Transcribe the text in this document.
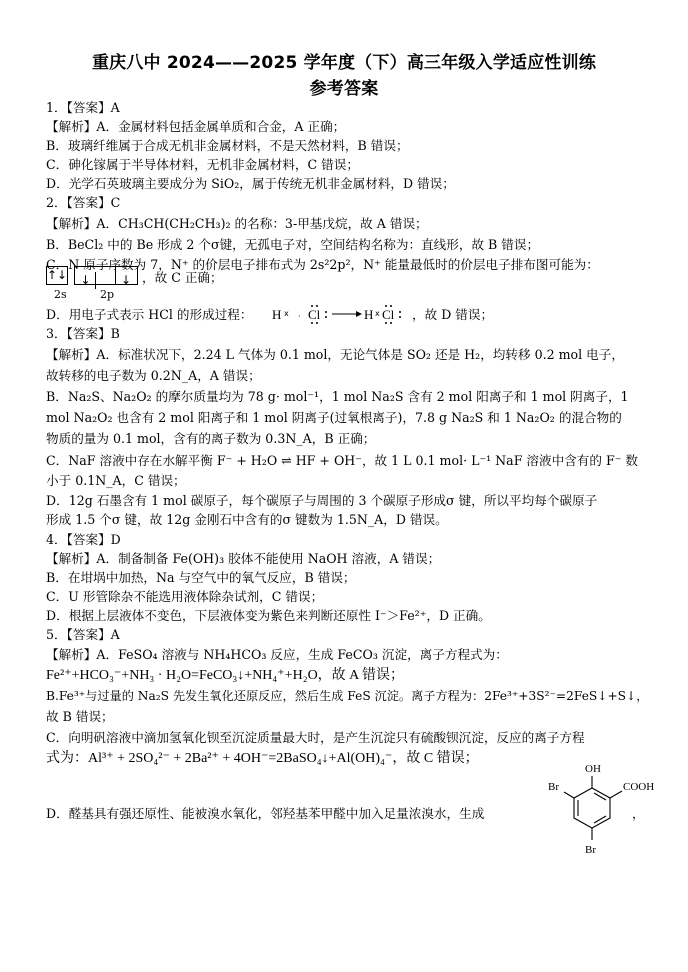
重庆八中 2024——2025 学年度（下）高三年级入学适应性训练
参考答案
1．【答案】A
【解析】A．金属材料包括金属单质和合金，A 正确；
B．玻璃纤维属于合成无机非金属材料，不是天然材料，B 错误；
C．砷化镓属于半导体材料，无机非金属材料，C 错误；
D．光学石英玻璃主要成分为 SiO₂，属于传统无机非金属材料，D 错误；
2．【答案】C
【解析】A．CH₃CH(CH₂CH₃)₂ 的名称：3-甲基戊烷，故 A 错误；
B．BeCl₂ 中的 Be 形成 2 个σ键，无孤电子对，空间结构名称为：直线形，故 B 错误；
C．N 原子序数为 7，N⁺ 的价层电子排布式为 2s²2p²，N⁺ 能量最低时的价层电子排布图可能为：
↑↓	↓	↓
2s	2p
，故 C 正确；
D．用电子式表示 HCl 的形成过程：	H x · Cl	H x Cl ，故 D 错误；
3．【答案】B
【解析】A．标准状况下，2.24 L 气体为 0.1 mol，无论气体是 SO₂ 还是 H₂，均转移 0.2 mol 电子，
故转移的电子数为 0.2N_A，A 错误；
B．Na₂S、Na₂O₂ 的摩尔质量均为 78 g· mol⁻¹，1 mol Na₂S 含有 2 mol 阳离子和 1 mol 阴离子，1
mol Na₂O₂ 也含有 2 mol 阳离子和 1 mol 阴离子(过氧根离子)，7.8 g Na₂S 和 1 Na₂O₂ 的混合物的
物质的量为 0.1 mol，含有的离子数为 0.3N_A，B 正确；
C．NaF 溶液中存在水解平衡 F⁻ + H₂O ⇌ HF + OH⁻，故 1 L 0.1 mol· L⁻¹ NaF 溶液中含有的 F⁻ 数
小于 0.1N_A，C 错误；
D．12g 石墨含有 1 mol 碳原子，每个碳原子与周围的 3 个碳原子形成σ 键，所以平均每个碳原子
形成 1.5 个σ 键，故 12g 金刚石中含有的σ 键数为 1.5N_A，D 错误。
4．【答案】D
【解析】A．制备制备 Fe(OH)₃ 胶体不能使用 NaOH 溶液，A 错误；
B．在坩埚中加热，Na 与空气中的氧气反应，B 错误；
C．U 形管除杂不能选用液体除杂试剂，C 错误；
D．根据上层液体不变色，下层液体变为紫色来判断还原性 I⁻＞Fe²⁺，D 正确。
5．【答案】A
【解析】A．FeSO₄ 溶液与 NH₄HCO₃ 反应，生成 FeCO₃ 沉淀，离子方程式为：
Fe²⁺+HCO₃⁻+NH₃ · H₂O=FeCO₃↓+NH₄⁺+H₂O，故 A 错误；
B.Fe³⁺与过量的 Na₂S 先发生氧化还原反应，然后生成 FeS 沉淀。离子方程为：2Fe³⁺+3S²⁻=2FeS↓+S↓，
故 B 错误；
C．向明矾溶液中滴加氢氧化钡至沉淀质量最大时，是产生沉淀只有硫酸钡沉淀，反应的离子方程
式为：Al³⁺ + 2SO₄²⁻ + 2Ba²⁺ + 4OH⁻=2BaSO₄↓+Al(OH)₄⁻，故 C 错误；
D．醛基具有强还原性、能被溴水氧化，邻羟基苯甲醛中加入足量浓溴水，生成	，
OH
Br	COOH
Br
